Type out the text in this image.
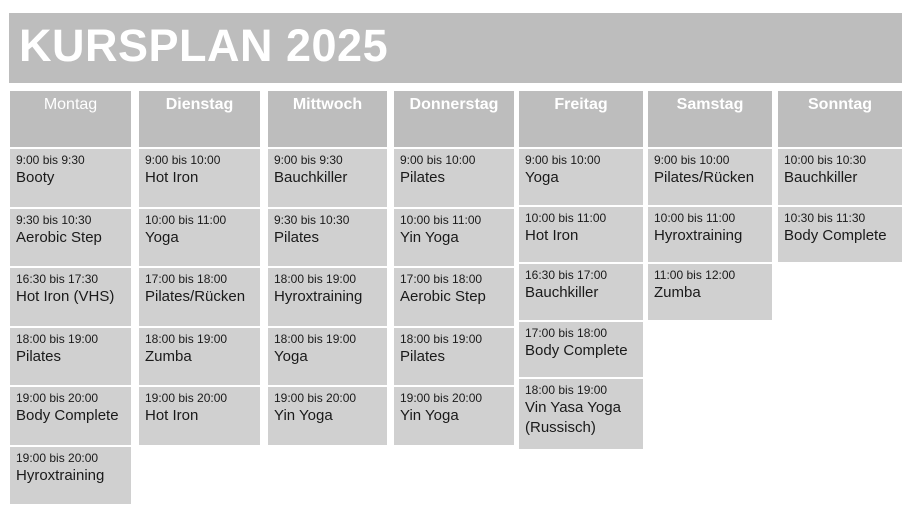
KURSPLAN 2025
Montag
9:00 bis 9:30
Booty
9:30 bis 10:30
Aerobic Step
16:30 bis 17:30
Hot Iron (VHS)
18:00 bis 19:00
Pilates
19:00 bis 20:00
Body Complete
19:00 bis 20:00
Hyroxtraining
Dienstag
9:00 bis 10:00
Hot Iron
10:00 bis 11:00
Yoga
17:00 bis 18:00
Pilates/Rücken
18:00 bis 19:00
Zumba
19:00 bis 20:00
Hot Iron
Mittwoch
9:00 bis 9:30
Bauchkiller
9:30 bis 10:30
Pilates
18:00 bis 19:00
Hyroxtraining
18:00 bis 19:00
Yoga
19:00 bis 20:00
Yin Yoga
Donnerstag
9:00 bis 10:00
Pilates
10:00 bis 11:00
Yin Yoga
17:00 bis 18:00
Aerobic Step
18:00 bis 19:00
Pilates
19:00 bis 20:00
Yin Yoga
Freitag
9:00 bis 10:00
Yoga
10:00 bis 11:00
Hot Iron
16:30 bis 17:00
Bauchkiller
17:00 bis 18:00
Body Complete
18:00 bis 19:00
Vin Yasa Yoga (Russisch)
Samstag
9:00 bis 10:00
Pilates/Rücken
10:00 bis 11:00
Hyroxtraining
11:00 bis 12:00
Zumba
Sonntag
10:00 bis 10:30
Bauchkiller
10:30 bis 11:30
Body Complete
